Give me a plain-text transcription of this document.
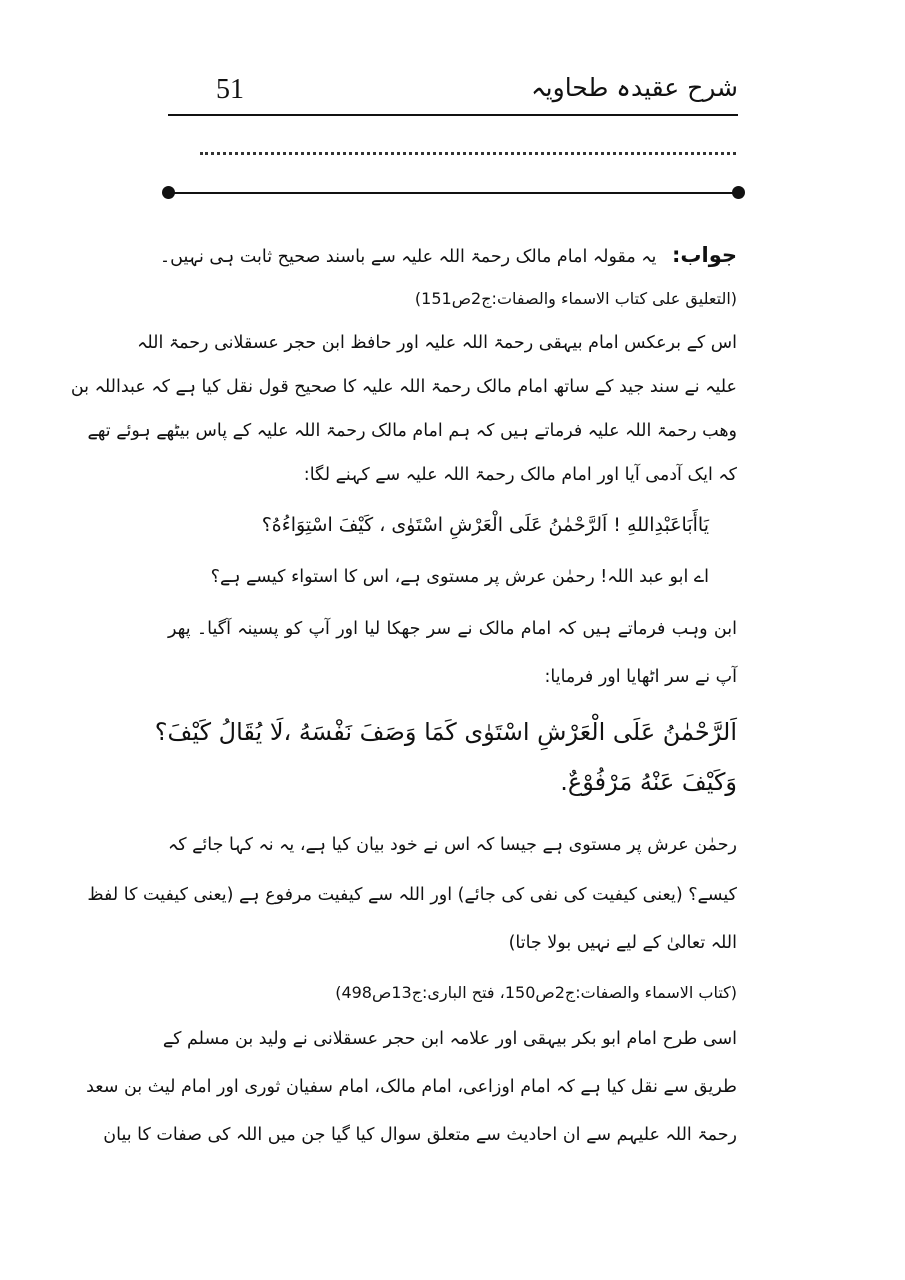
شرح عقیدہ طحاویہ
51
جواب: یہ مقولہ امام مالک رحمۃ اللہ علیہ سے باسند صحیح ثابت ہی نہیں۔
(التعلیق علی کتاب الاسماء والصفات:ج2ص151)
اس کے برعکس امام بیہقی رحمۃ اللہ علیہ اور حافظ ابن حجر عسقلانی رحمۃ اللہ
علیہ نے سند جید کے ساتھ امام مالک رحمۃ اللہ علیہ کا صحیح قول نقل کیا ہے کہ عبداللہ بن
وھب رحمۃ اللہ علیہ فرماتے ہیں کہ ہم امام مالک رحمۃ اللہ علیہ کے پاس بیٹھے ہوئے تھے
کہ ایک آدمی آیا اور امام مالک رحمۃ اللہ علیہ سے کہنے لگا:
يَاأَبَاعَبْدِاللهِ ! اَلرَّحْمٰنُ عَلَى الْعَرْشِ اسْتَوٰى ، كَيْفَ اسْتِوَاءُهُ؟
اے ابو عبد اللہ! رحمٰن عرش پر مستوی ہے، اس کا استواء کیسے ہے؟
ابن وہب فرماتے ہیں کہ امام مالک نے سر جھکا لیا اور آپ کو پسینہ آگیا۔ پھر
آپ نے سر اٹھایا اور فرمایا:
اَلرَّحْمٰنُ عَلَى الْعَرْشِ اسْتَوٰى كَمَا وَصَفَ نَفْسَهُ ،لَا يُقَالُ كَيْفَ؟
وَكَيْفَ عَنْهُ مَرْفُوْعٌ.
رحمٰن عرش پر مستوی ہے جیسا کہ اس نے خود بیان کیا ہے، یہ نہ کہا جائے کہ
کیسے؟ (یعنی کیفیت کی نفی کی جائے) اور اللہ سے کیفیت مرفوع ہے (یعنی کیفیت کا لفظ
اللہ تعالیٰ کے لیے نہیں بولا جاتا)
(کتاب الاسماء والصفات:ج2ص150، فتح الباری:ج13ص498)
اسی طرح امام ابو بکر بیہقی اور علامہ ابن حجر عسقلانی نے ولید بن مسلم کے
طریق سے نقل کیا ہے کہ امام اوزاعی، امام مالک، امام سفیان ثوری اور امام لیث بن سعد
رحمۃ اللہ علیہم سے ان احادیث سے متعلق سوال کیا گیا جن میں اللہ کی صفات کا بیان
